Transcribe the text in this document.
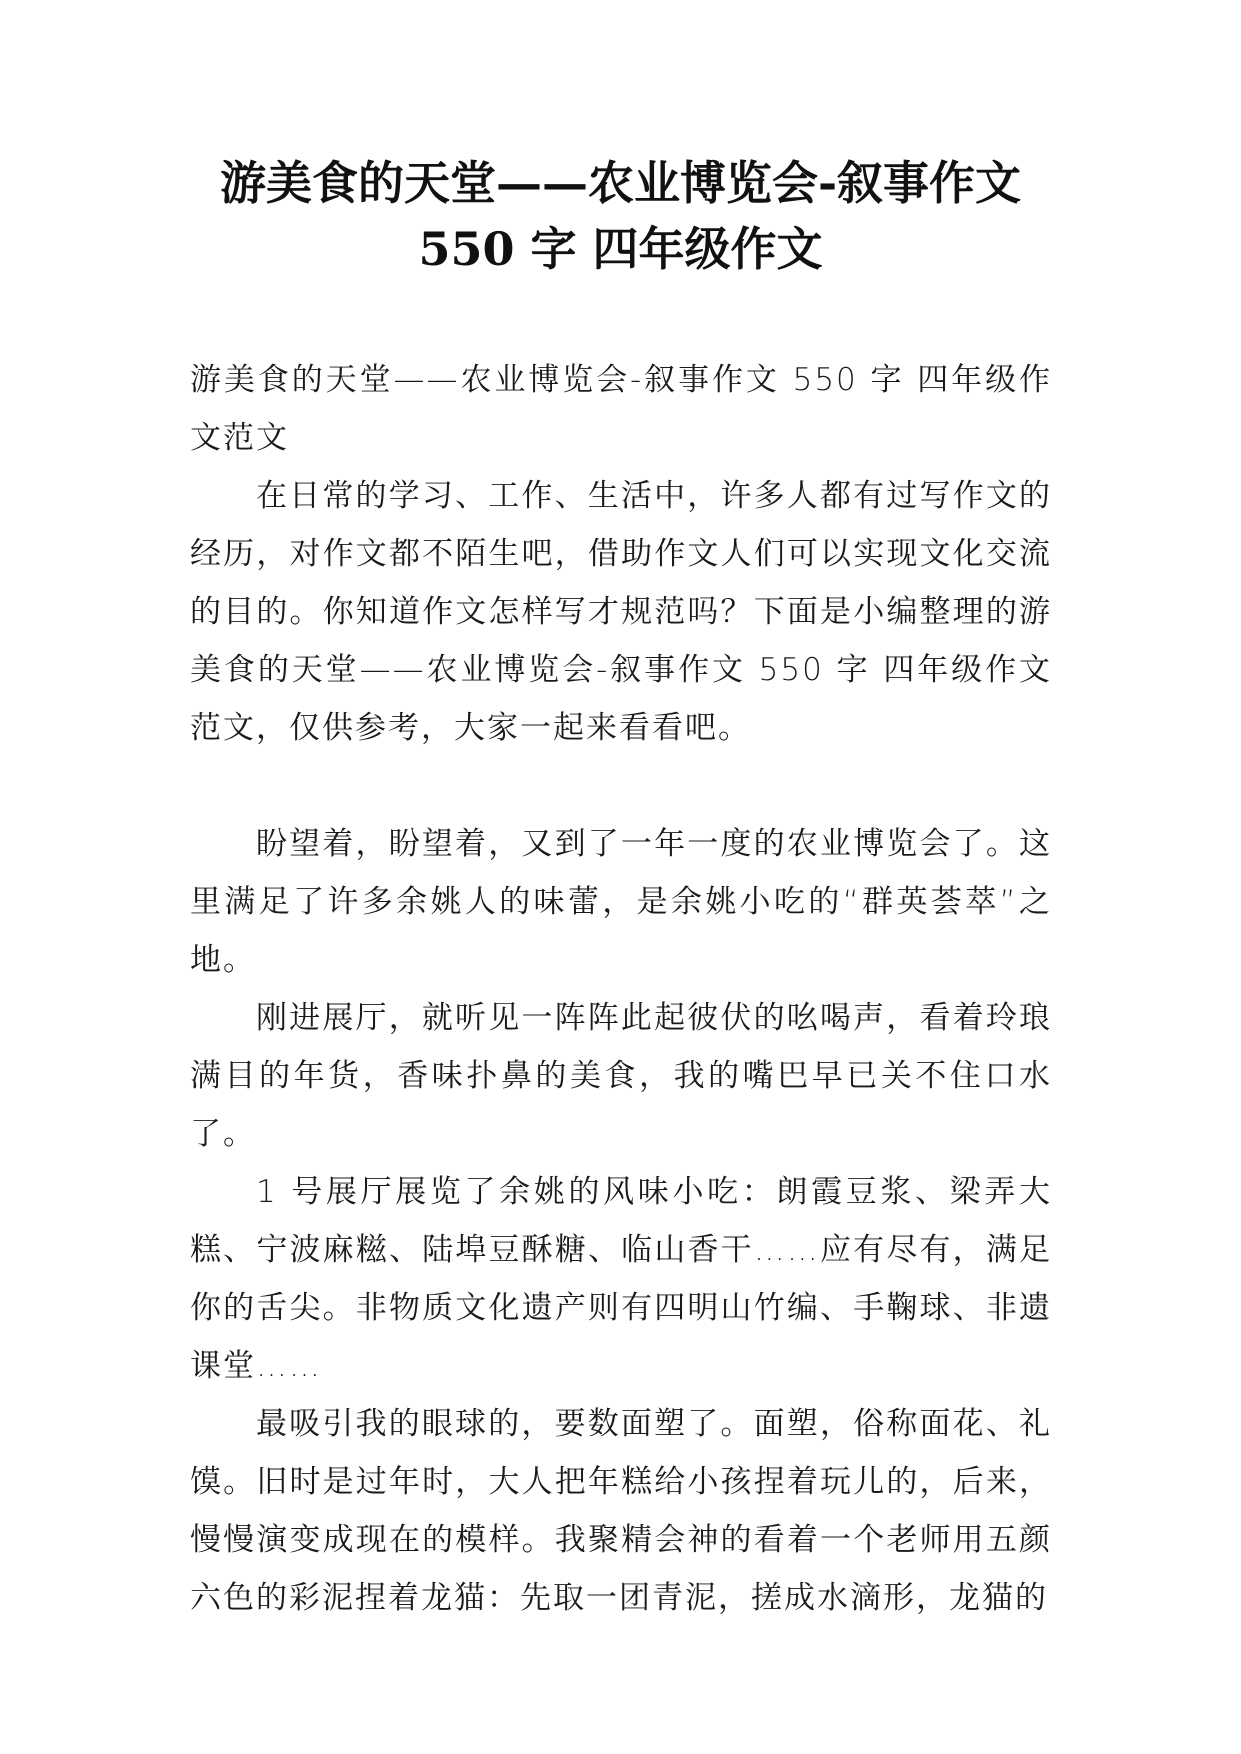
游美食的天堂——农业博览会-叙事作文
550 字 四年级作文

游美食的天堂——农业博览会-叙事作文 550 字 四年级作文范文

在日常的学习、工作、生活中，许多人都有过写作文的经历，对作文都不陌生吧，借助作文人们可以实现文化交流的目的。你知道作文怎样写才规范吗？下面是小编整理的游美食的天堂——农业博览会-叙事作文 550 字 四年级作文范文，仅供参考，大家一起来看看吧。

盼望着，盼望着，又到了一年一度的农业博览会了。这里满足了许多余姚人的味蕾，是余姚小吃的“群英荟萃”之地。

刚进展厅，就听见一阵阵此起彼伏的吆喝声，看着玲琅满目的年货，香味扑鼻的美食，我的嘴巴早已关不住口水了。

1 号展厅展览了余姚的风味小吃：朗霞豆浆、梁弄大糕、宁波麻糍、陆埠豆酥糖、临山香干……应有尽有，满足你的舌尖。非物质文化遗产则有四明山竹编、手鞠球、非遗课堂……

最吸引我的眼球的，要数面塑了。面塑，俗称面花、礼馍。旧时是过年时，大人把年糕给小孩捏着玩儿的，后来，慢慢演变成现在的模样。我聚精会神的看着一个老师用五颜六色的彩泥捏着龙猫：先取一团青泥，搓成水滴形，龙猫的
